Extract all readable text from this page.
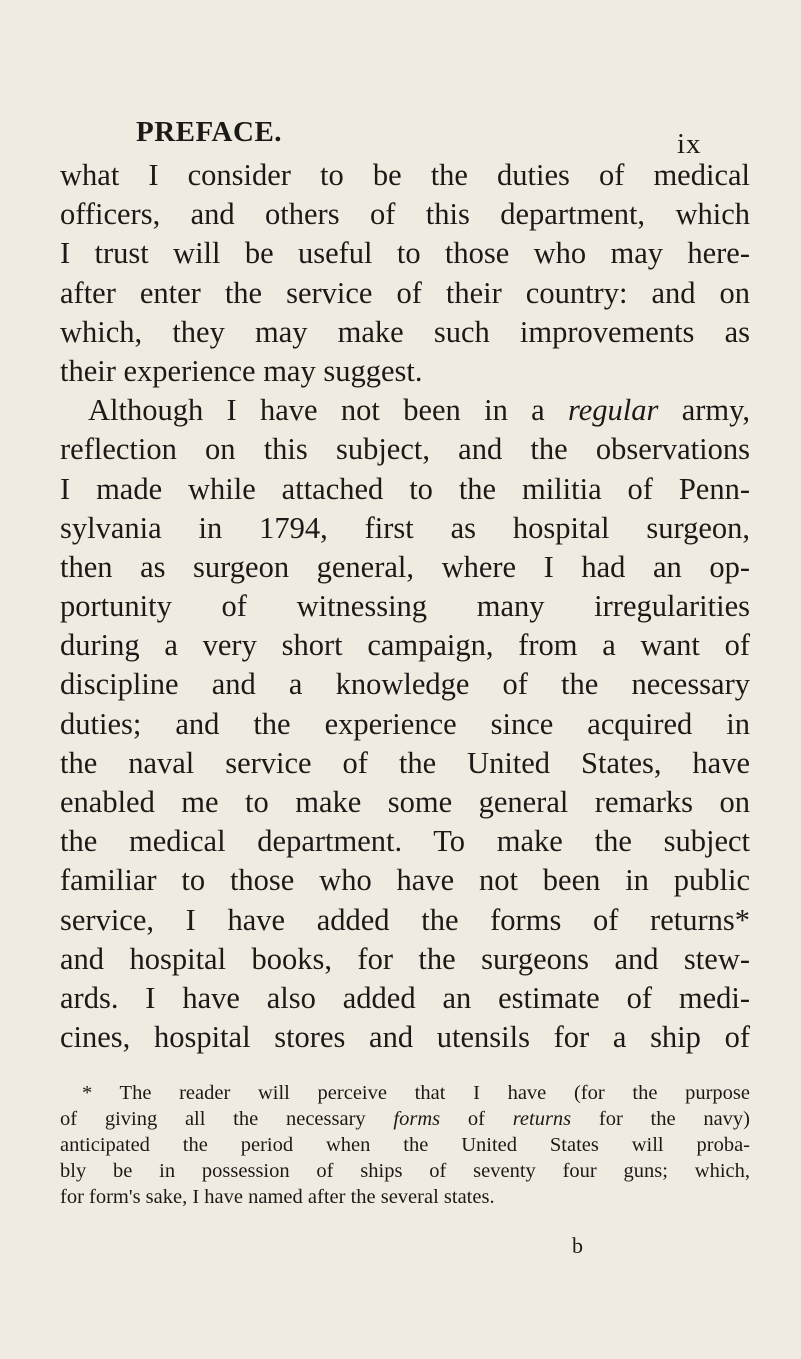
PREFACE.	ix
what I consider to be the duties of medical
officers, and others of this department, which
I trust will be useful to those who may here-
after enter the service of their country: and on
which, they may make such improvements as
their experience may suggest.
Although I have not been in a regular army,
reflection on this subject, and the observations
I made while attached to the militia of Penn-
sylvania in 1794, first as hospital surgeon,
then as surgeon general, where I had an op-
portunity of witnessing many irregularities
during a very short campaign, from a want of
discipline and a knowledge of the necessary
duties; and the experience since acquired in
the naval service of the United States, have
enabled me to make some general remarks on
the medical department. To make the subject
familiar to those who have not been in public
service, I have added the forms of returns*
and hospital books, for the surgeons and stew-
ards. I have also added an estimate of medi-
cines, hospital stores and utensils for a ship of
* The reader will perceive that I have (for the purpose
of giving all the necessary forms of returns for the navy)
anticipated the period when the United States will proba-
bly be in possession of ships of seventy four guns; which,
for form's sake, I have named after the several states.
b
